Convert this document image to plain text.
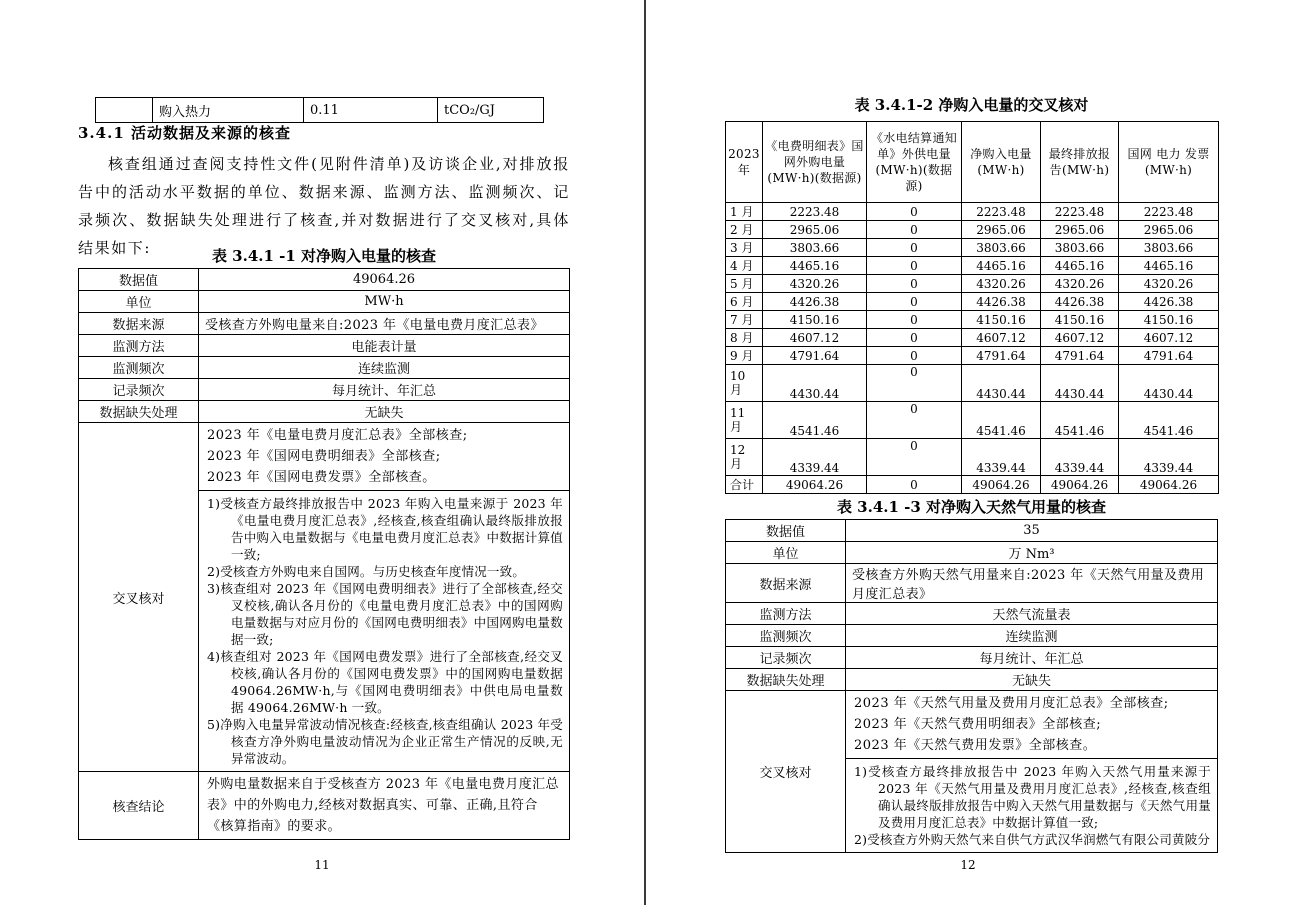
	购入热力	0.11	tCO₂/GJ
3.4.1 活动数据及来源的核查
核查组通过查阅支持性文件(见附件清单)及访谈企业,对排放报告中的活动水平数据的单位、数据来源、监测方法、监测频次、记录频次、数据缺失处理进行了核查,并对数据进行了交叉核对,具体结果如下:	表 3.4.1 -1 对净购入电量的核查
数据值	49064.26
单位	MW·h
数据来源	受核查方外购电量来自:2023 年《电量电费月度汇总表》
监测方法	电能表计量
监测频次	连续监测
记录频次	每月统计、年汇总
数据缺失处理	无缺失
交叉核对	2023 年《电量电费月度汇总表》全部核查;
2023 年《国网电费明细表》全部核查;
2023 年《国网电费发票》全部核查。

	1)受核查方最终排放报告中 2023 年购入电量来源于 2023 年《电量电费月度汇总表》,经核查,核查组确认最终版排放报告中购入电量数据与《电量电费月度汇总表》中数据计算值一致;
2)受核查方外购电来自国网。与历史核查年度情况一致。
3)核查组对 2023 年《国网电费明细表》进行了全部核查,经交叉校核,确认各月份的《电量电费月度汇总表》中的国网购电量数据与对应月份的《国网电费明细表》中国网购电量数据一致;
4)核查组对 2023 年《国网电费发票》进行了全部核查,经交叉校核,确认各月份的《国网电费发票》中的国网购电量数据 49064.26MW·h,与《国网电费明细表》中供电局电量数据 49064.26MW·h 一致。
5)净购入电量异常波动情况核查:经核查,核查组确认 2023 年受核查方净外购电量波动情况为企业正常生产情况的反映,无异常波动。

核查结论	外购电量数据来自于受核查方 2023 年《电量电费月度汇总表》中的外购电力,经核对数据真实、可靠、正确,且符合《核算指南》的要求。
11
表 3.4.1-2 净购入电量的交叉核对
2023 年	《电费明细表》国网外购电量(MW·h)(数据源)	《水电结算通知单》外供电量(MW·h)(数据源)	净购入电量(MW·h)	最终排放报告(MW·h)	国网 电力 发票(MW·h)
1 月	2223.48	0	2223.48	2223.48	2223.48
2 月	2965.06	0	2965.06	2965.06	2965.06
3 月	3803.66	0	3803.66	3803.66	3803.66
4 月	4465.16	0	4465.16	4465.16	4465.16
5 月	4320.26	0	4320.26	4320.26	4320.26
6 月	4426.38	0	4426.38	4426.38	4426.38
7 月	4150.16	0	4150.16	4150.16	4150.16
8 月	4607.12	0	4607.12	4607.12	4607.12
9 月	4791.64	0	4791.64	4791.64	4791.64
10 月	4430.44	0	4430.44	4430.44	4430.44
11 月	4541.46	0	4541.46	4541.46	4541.46
12 月	4339.44	0	4339.44	4339.44	4339.44
合计	49064.26	0	49064.26	49064.26	49064.26
表 3.4.1 -3 对净购入天然气用量的核查
数据值	35
单位	万 Nm³
数据来源	受核查方外购天然气用量来自:2023 年《天然气用量及费用月度汇总表》
监测方法	天然气流量表
监测频次	连续监测
记录频次	每月统计、年汇总
数据缺失处理	无缺失
交叉核对	2023 年《天然气用量及费用月度汇总表》全部核查;
2023 年《天然气费用明细表》全部核查;
2023 年《天然气费用发票》全部核查。

	1)受核查方最终排放报告中 2023 年购入天然气用量来源于 2023 年《天然气用量及费用月度汇总表》,经核查,核查组确认最终版排放报告中购入天然气用量数据与《天然气用量及费用月度汇总表》中数据计算值一致;
2)受核查方外购天然气来自供气方武汉华润燃气有限公司黄陂分
12
